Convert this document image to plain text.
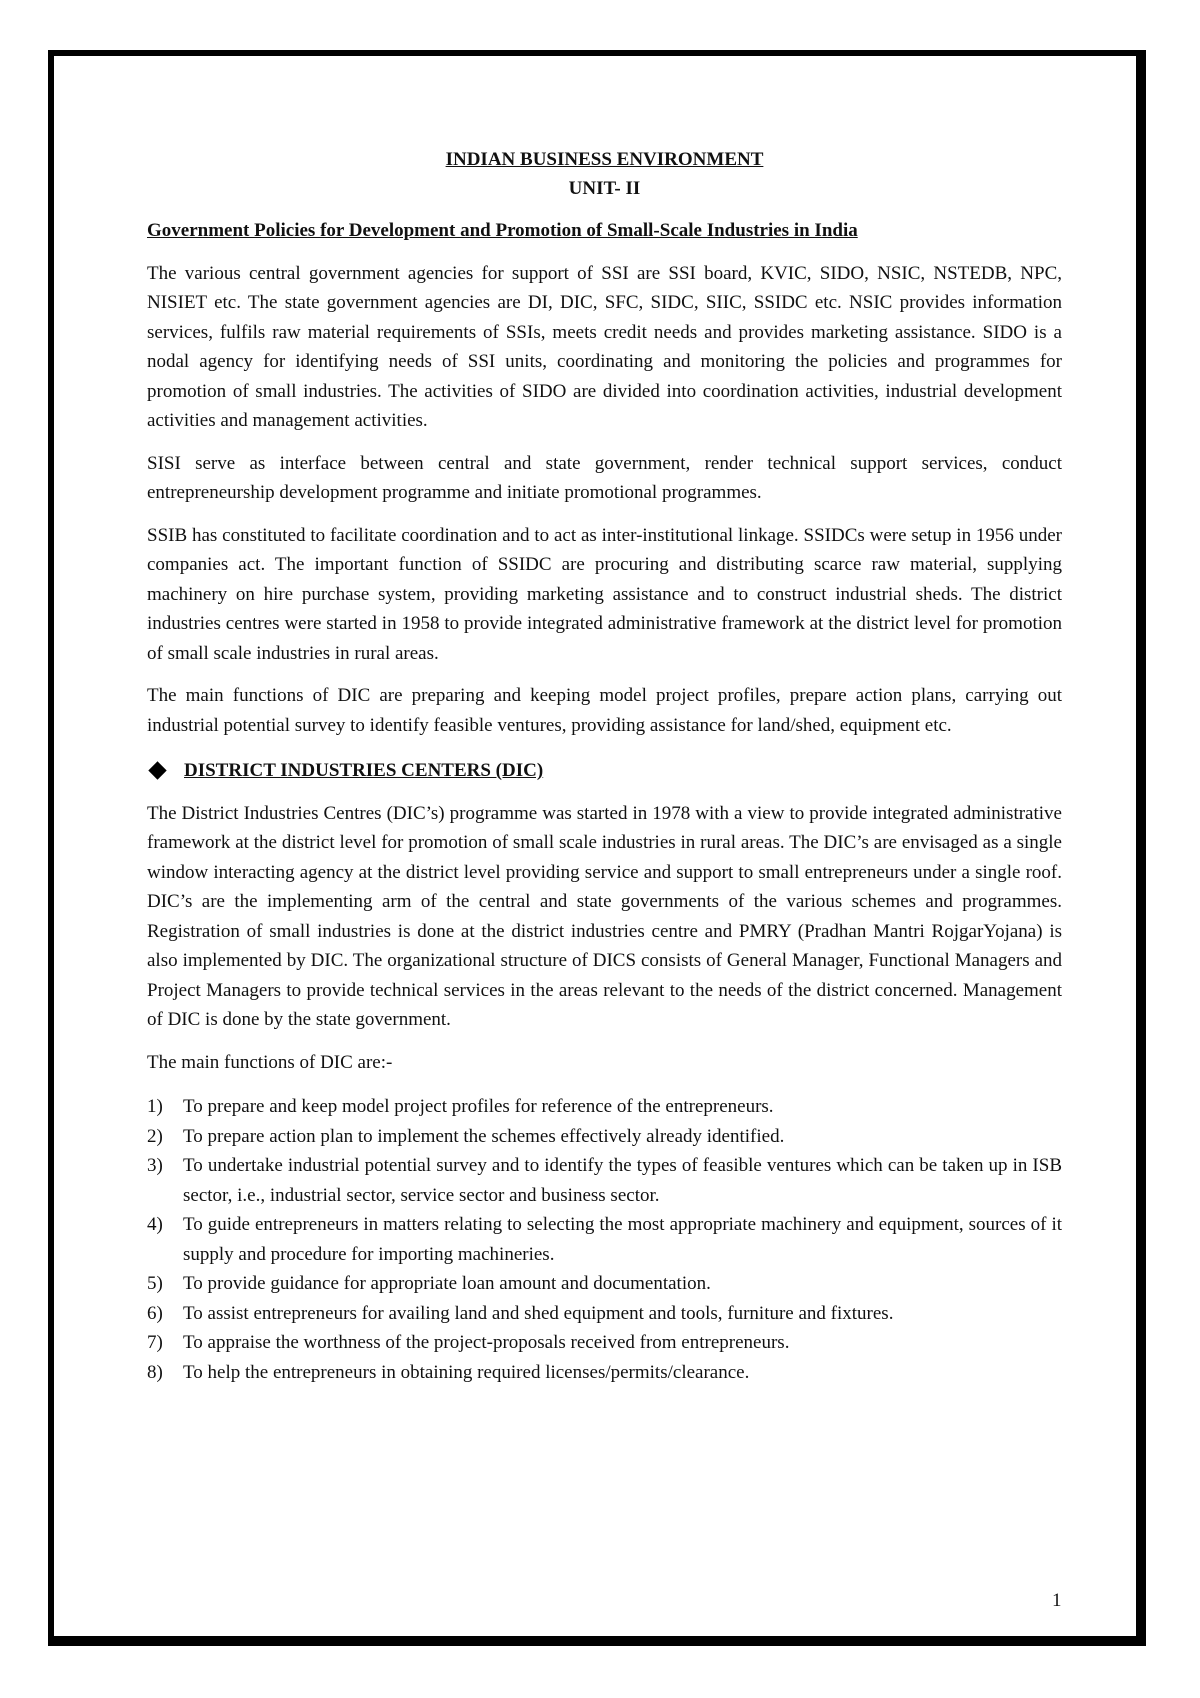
INDIAN BUSINESS ENVIRONMENT
UNIT- II
Government Policies for Development and Promotion of Small-Scale Industries in India

The various central government agencies for support of SSI are SSI board, KVIC, SIDO, NSIC, NSTEDB, NPC, NISIET etc. The state government agencies are DI, DIC, SFC, SIDC, SIIC, SSIDC etc. NSIC provides information services, fulfils raw material requirements of SSIs, meets credit needs and provides marketing assistance. SIDO is a nodal agency for identifying needs of SSI units, coordinating and monitoring the policies and programmes for promotion of small industries. The activities of SIDO are divided into coordination activities, industrial development activities and management activities.

SISI serve as interface between central and state government, render technical support services, conduct entrepreneurship development programme and initiate promotional programmes.

SSIB has constituted to facilitate coordination and to act as inter-institutional linkage. SSIDCs were setup in 1956 under companies act. The important function of SSIDC are procuring and distributing scarce raw material, supplying machinery on hire purchase system, providing marketing assistance and to construct industrial sheds. The district industries centres were started in 1958 to provide integrated administrative framework at the district level for promotion of small scale industries in rural areas.

The main functions of DIC are preparing and keeping model project profiles, prepare action plans, carrying out industrial potential survey to identify feasible ventures, providing assistance for land/shed, equipment etc.

DISTRICT INDUSTRIES CENTERS (DIC)

The District Industries Centres (DIC’s) programme was started in 1978 with a view to provide integrated administrative framework at the district level for promotion of small scale industries in rural areas. The DIC’s are envisaged as a single window interacting agency at the district level providing service and support to small entrepreneurs under a single roof. DIC’s are the implementing arm of the central and state governments of the various schemes and programmes. Registration of small industries is done at the district industries centre and PMRY (Pradhan Mantri RojgarYojana) is also implemented by DIC. The organizational structure of DICS consists of General Manager, Functional Managers and Project Managers to provide technical services in the areas relevant to the needs of the district concerned. Management of DIC is done by the state government.

The main functions of DIC are:-

1)	To prepare and keep model project profiles for reference of the entrepreneurs.
2)	To prepare action plan to implement the schemes effectively already identified.
3)	To undertake industrial potential survey and to identify the types of feasible ventures which can be taken up in ISB sector, i.e., industrial sector, service sector and business sector.
4)	To guide entrepreneurs in matters relating to selecting the most appropriate machinery and equipment, sources of it supply and procedure for importing machineries.
5)	To provide guidance for appropriate loan amount and documentation.
6)	To assist entrepreneurs for availing land and shed equipment and tools, furniture and fixtures.
7)	To appraise the worthness of the project-proposals received from entrepreneurs.
8)	To help the entrepreneurs in obtaining required licenses/permits/clearance.
1
